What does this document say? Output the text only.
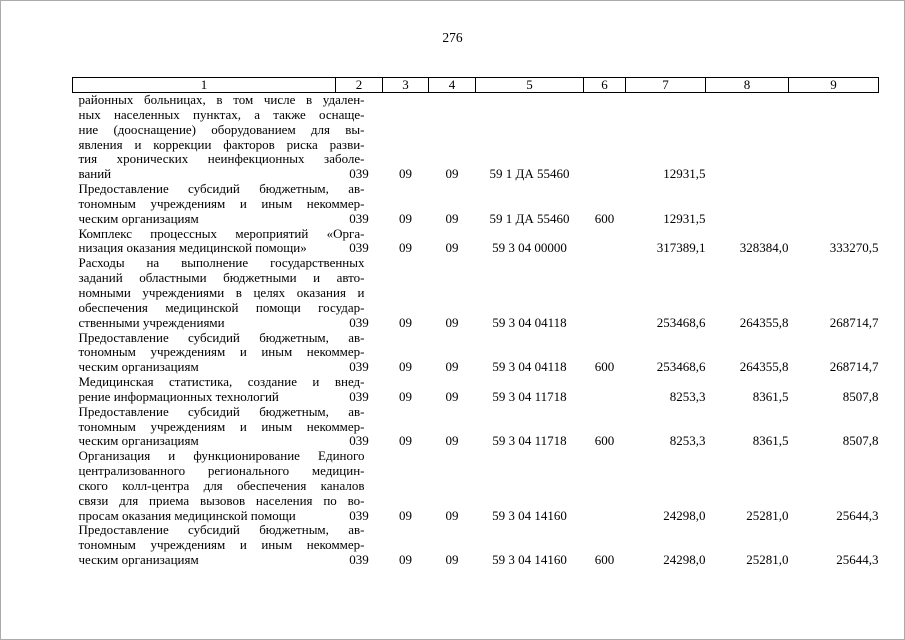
276
1	2	3	4	5	6	7	8	9

районных больницах, в том числе в удален-
ных населенных пунктах, а также оснаще-
ние (дооснащение) оборудованием для вы-
явления и коррекции факторов риска разви-
тия хронических неинфекционных заболе-
ваний	039	09	09	59 1 ДА 55460		12931,5		

Предоставление субсидий бюджетным, ав-
тономным учреждениям и иным некоммер-
ческим организациям	039	09	09	59 1 ДА 55460	600	12931,5		

Комплекс процессных мероприятий «Орга-
низация оказания медицинской помощи»	039	09	09	59 3 04 00000		317389,1	328384,0	333270,5

Расходы на выполнение государственных
заданий областными бюджетными и авто-
номными учреждениями в целях оказания и
обеспечения медицинской помощи государ-
ственными учреждениями	039	09	09	59 3 04 04118		253468,6	264355,8	268714,7

Предоставление субсидий бюджетным, ав-
тономным учреждениям и иным некоммер-
ческим организациям	039	09	09	59 3 04 04118	600	253468,6	264355,8	268714,7

Медицинская статистика, создание и внед-
рение информационных технологий	039	09	09	59 3 04 11718		8253,3	8361,5	8507,8

Предоставление субсидий бюджетным, ав-
тономным учреждениям и иным некоммер-
ческим организациям	039	09	09	59 3 04 11718	600	8253,3	8361,5	8507,8

Организация и функционирование Единого
централизованного регионального медицин-
ского колл-центра для обеспечения каналов
связи для приема вызовов населения по во-
просам оказания медицинской помощи	039	09	09	59 3 04 14160		24298,0	25281,0	25644,3

Предоставление субсидий бюджетным, ав-
тономным учреждениям и иным некоммер-
ческим организациям	039	09	09	59 3 04 14160	600	24298,0	25281,0	25644,3
